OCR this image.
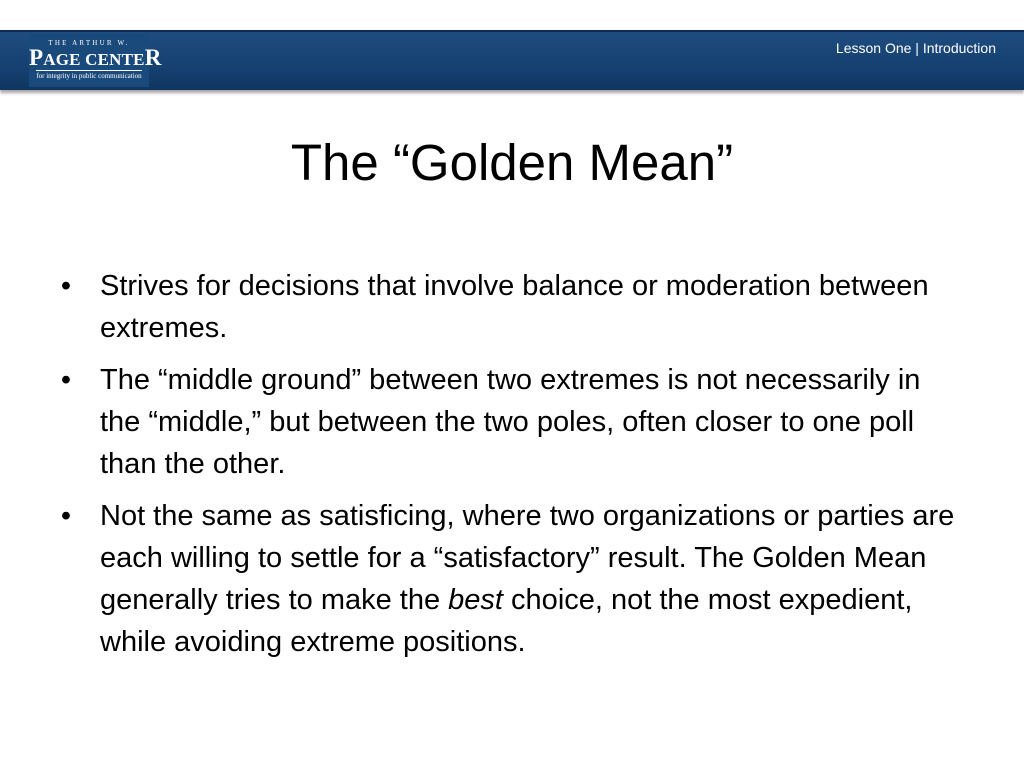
THE ARTHUR W.
PAGE CENTER
for integrity in public communication
Lesson One | Introduction
The “Golden Mean”
• Strives for decisions that involve balance or moderation between extremes.
• The “middle ground” between two extremes is not necessarily in the “middle,” but between the two poles, often closer to one poll than the other.
• Not the same as satisficing, where two organizations or parties are each willing to settle for a “satisfactory” result. The Golden Mean generally tries to make the best choice, not the most expedient, while avoiding extreme positions.
